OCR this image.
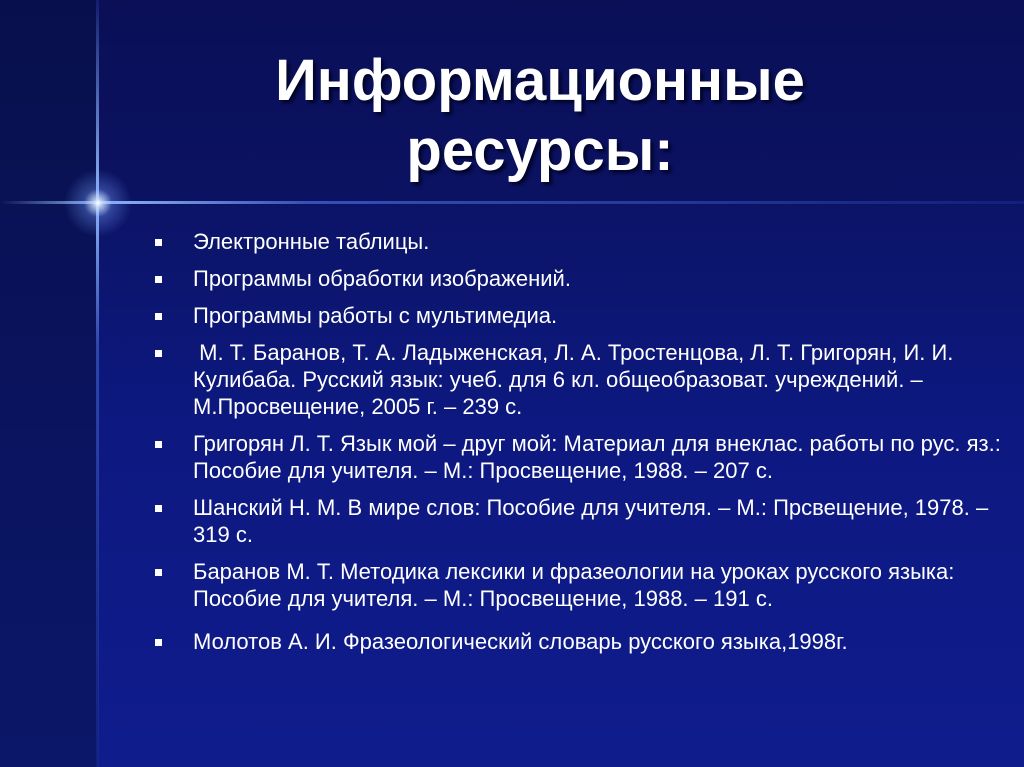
Информационные
ресурсы:
Электронные таблицы.
Программы обработки изображений.
Программы работы с мультимедиа.
М. Т. Баранов, Т. А. Ладыженская, Л. А. Тростенцова, Л. Т. Григорян, И. И. Кулибаба. Русский язык: учеб. для 6 кл. общеобразоват. учреждений. – М.Просвещение, 2005 г. – 239 с.
Григорян Л. Т. Язык мой – друг мой: Материал для внеклас. работы по рус. яз.: Пособие для учителя. – М.: Просвещение, 1988. – 207 с.
Шанский Н. М. В мире слов: Пособие для учителя. – М.: Прсвещение, 1978. – 319 с.
Баранов М. Т. Методика лексики и фразеологии на уроках русского языка: Пособие для учителя. – М.: Просвещение, 1988. – 191 с.
Молотов А. И. Фразеологический словарь русского языка,1998г.
